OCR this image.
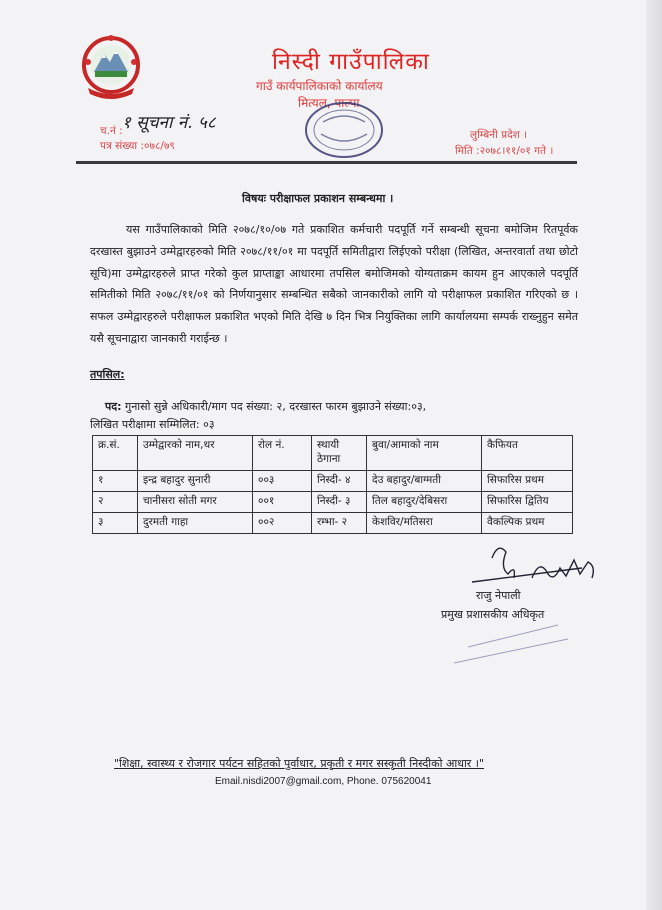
निस्दी गाउँपालिका
गाउँ कार्यपालिकाको कार्यालय
मित्यल, पाल्पा
च.नं : १ सूचना नं. ५८
पत्र संख्या :०७८/७९
लुम्बिनी प्रदेश ।
मिति :२०७८।११/०१ गते ।
विषयः परीक्षाफल प्रकाशन सम्बन्धमा ।
यस गाउँपालिकाको मिति २०७८/१०/०७ गते प्रकाशित कर्मचारी पदपूर्ति गर्ने सम्बन्धी सूचना बमोजिम रितपूर्वक दरखास्त बुझाउने उम्मेद्वारहरुको मिति २०७८/११/०१ मा पदपूर्ति समितीद्वारा लिईएको परीक्षा (लिखित, अन्तरवार्ता तथा छोटो सूचि)मा उम्मेद्वारहरुले प्राप्त गरेको कुल प्राप्ताङ्का आधारमा तपसिल बमोजिमको योग्यताक्रम कायम हुन आएकाले पदपूर्ति समितीको मिति २०७८/११/०१ को निर्णयानुसार सम्बन्धित सबैको जानकारीको लागि यो परीक्षाफल प्रकाशित गरिएको छ । सफल उम्मेद्वारहरुले परीक्षाफल प्रकाशित भएको मिति देखि ७ दिन भित्र नियुक्तिका लागि कार्यालयमा सम्पर्क राख्नुहुन समेत यसै सूचनाद्वारा जानकारी गराईन्छ ।
तपसिल:
पद: गुनासो सुन्ने अधिकारी/माग पद संख्या: २, दरखास्त फारम बुझाउने संख्या:०३,
लिखित परीक्षामा सम्मिलित: ०३
क्र.सं.	उम्मेद्वारको नाम,थर	रोल नं.	स्थायी ठेगाना	बुवा/आमाको नाम	कैफियत
१	इन्द्र बहादुर सुनारी	००३	निस्दी- ४	देउ बहादुर/बाग्मती	सिफारिस प्रथम
२	चानीसरा सोती मगर	००१	निस्दी- ३	तिल बहादुर/देबिसरा	सिफारिस द्वितिय
३	दुरमती गाहा	००२	रम्भा- २	केशविर/मतिसरा	वैकल्पिक प्रथम
राजु नेपाली
प्रमुख प्रशासकीय अधिकृत
"शिक्षा, स्वास्थ्य र रोजगार पर्यटन सहितको पुर्वाधार, प्रकृती र मगर सस्कृती निस्दीको आधार ।"
Email.nisdi2007@gmail.com, Phone. 075620041
